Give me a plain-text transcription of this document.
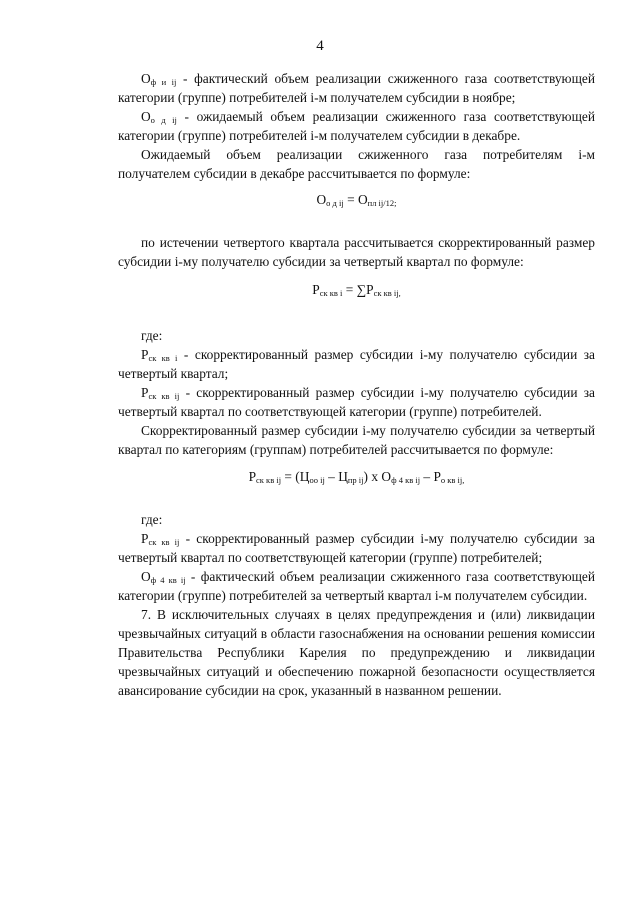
4

$О_{ф и ij}$ - фактический объем реализации сжиженного газа соответствующей категории (группе) потребителей i-м получателем субсидии в ноябре;

$О_{о д ij}$ - ожидаемый объем реализации сжиженного газа соответствующей категории (группе) потребителей i-м получателем субсидии в декабре.

Ожидаемый объем реализации сжиженного газа потребителям i-м получателем субсидии в декабре рассчитывается по формуле:

$О_{о д ij} = О_{пл ij/12;}$

по истечении четвертого квартала рассчитывается скорректированный размер субсидии i-му получателю субсидии за четвертый квартал по формуле:

$Р_{ск кв i} = \sum Р_{ск кв ij,}$

где:

$Р_{ск кв i}$ - скорректированный размер субсидии i-му получателю субсидии за четвертый квартал;

$Р_{ск кв ij}$ - скорректированный размер субсидии i-му получателю субсидии за четвертый квартал по соответствующей категории (группе) потребителей.

Скорректированный размер субсидии i-му получателю субсидии за четвертый квартал по категориям (группам) потребителей рассчитывается по формуле:

$Р_{ск кв ij} = (Ц_{оо ij} - Ц_{пр ij})$ х $О_{ф 4 кв ij} - Р_{о кв ij,}$

где:

$Р_{ск кв ij}$ - скорректированный размер субсидии i-му получателю субсидии за четвертый квартал по соответствующей категории (группе) потребителей;

$О_{ф 4 кв ij}$ - фактический объем реализации сжиженного газа соответствующей категории (группе) потребителей за четвертый квартал i-м получателем субсидии.

7. В исключительных случаях в целях предупреждения и (или) ликвидации чрезвычайных ситуаций в области газоснабжения на основании решения комиссии Правительства Республики Карелия по предупреждению и ликвидации чрезвычайных ситуаций и обеспечению пожарной безопасности осуществляется авансирование субсидии на срок, указанный в названном решении.
